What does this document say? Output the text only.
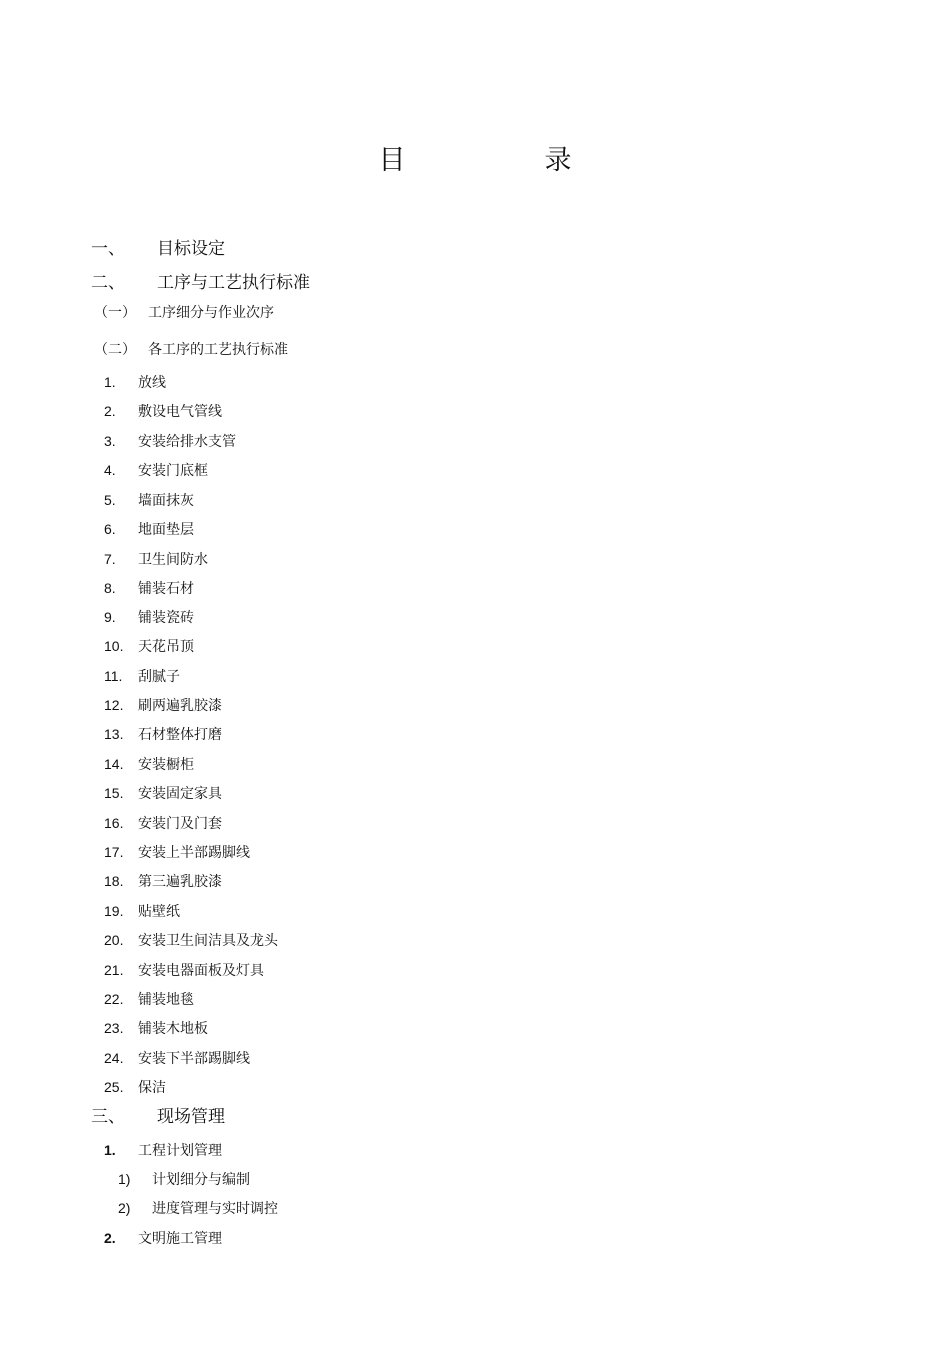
目　录
一、 目标设定
二、 工序与工艺执行标准
（一） 工序细分与作业次序
（二） 各工序的工艺执行标准
1. 放线
2. 敷设电气管线
3. 安装给排水支管
4. 安装门底框
5. 墙面抹灰
6. 地面垫层
7. 卫生间防水
8. 铺装石材
9. 铺装瓷砖
10. 天花吊顶
11. 刮腻子
12. 刷两遍乳胶漆
13. 石材整体打磨
14. 安装橱柜
15. 安装固定家具
16. 安装门及门套
17. 安装上半部踢脚线
18. 第三遍乳胶漆
19. 贴壁纸
20. 安装卫生间洁具及龙头
21. 安装电器面板及灯具
22. 铺装地毯
23. 铺装木地板
24. 安装下半部踢脚线
25. 保洁
三、 现场管理
1. 工程计划管理
1) 计划细分与编制
2) 进度管理与实时调控
2. 文明施工管理
